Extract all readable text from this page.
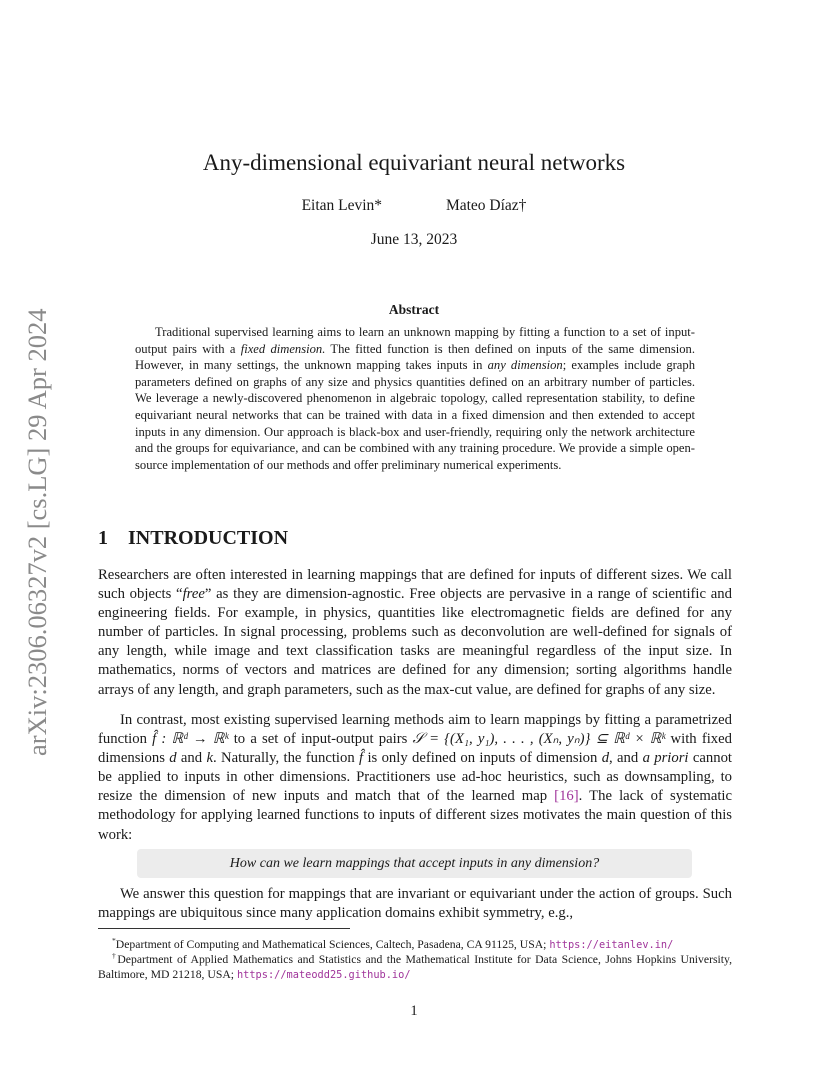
arXiv:2306.06327v2 [cs.LG] 29 Apr 2024
Any-dimensional equivariant neural networks
Eitan Levin*	Mateo Díaz†
June 13, 2023
Abstract

Traditional supervised learning aims to learn an unknown mapping by fitting a function to a set of input-output pairs with a fixed dimension. The fitted function is then defined on inputs of the same dimension. However, in many settings, the unknown mapping takes inputs in any dimension; examples include graph parameters defined on graphs of any size and physics quantities defined on an arbitrary number of particles. We leverage a newly-discovered phenomenon in algebraic topology, called representation stability, to define equivariant neural networks that can be trained with data in a fixed dimension and then extended to accept inputs in any dimension. Our approach is black-box and user-friendly, requiring only the network architecture and the groups for equivariance, and can be combined with any training procedure. We provide a simple open-source implementation of our methods and offer preliminary numerical experiments.

1 INTRODUCTION

Researchers are often interested in learning mappings that are defined for inputs of different sizes. We call such objects “free” as they are dimension-agnostic. Free objects are pervasive in a range of scientific and engineering fields. For example, in physics, quantities like electromagnetic fields are defined for any number of particles. In signal processing, problems such as deconvolution are well-defined for signals of any length, while image and text classification tasks are meaningful regardless of the input size. In mathematics, norms of vectors and matrices are defined for any dimension; sorting algorithms handle arrays of any length, and graph parameters, such as the max-cut value, are defined for graphs of any size.

In contrast, most existing supervised learning methods aim to learn mappings by fitting a parametrized function f̂ : ℝᵈ → ℝᵏ to a set of input-output pairs 𝒮 = {(X₁, y₁), . . . , (Xₙ, yₙ)} ⊆ ℝᵈ × ℝᵏ with fixed dimensions d and k. Naturally, the function f̂ is only defined on inputs of dimension d, and a priori cannot be applied to inputs in other dimensions. Practitioners use ad-hoc heuristics, such as downsampling, to resize the dimension of new inputs and match that of the learned map [16]. The lack of systematic methodology for applying learned functions to inputs of different sizes motivates the main question of this work:

How can we learn mappings that accept inputs in any dimension?

We answer this question for mappings that are invariant or equivariant under the action of groups. Such mappings are ubiquitous since many application domains exhibit symmetry, e.g.,

*Department of Computing and Mathematical Sciences, Caltech, Pasadena, CA 91125, USA; https://eitanlev.in/
†Department of Applied Mathematics and Statistics and the Mathematical Institute for Data Science, Johns Hopkins University, Baltimore, MD 21218, USA; https://mateodd25.github.io/
1
